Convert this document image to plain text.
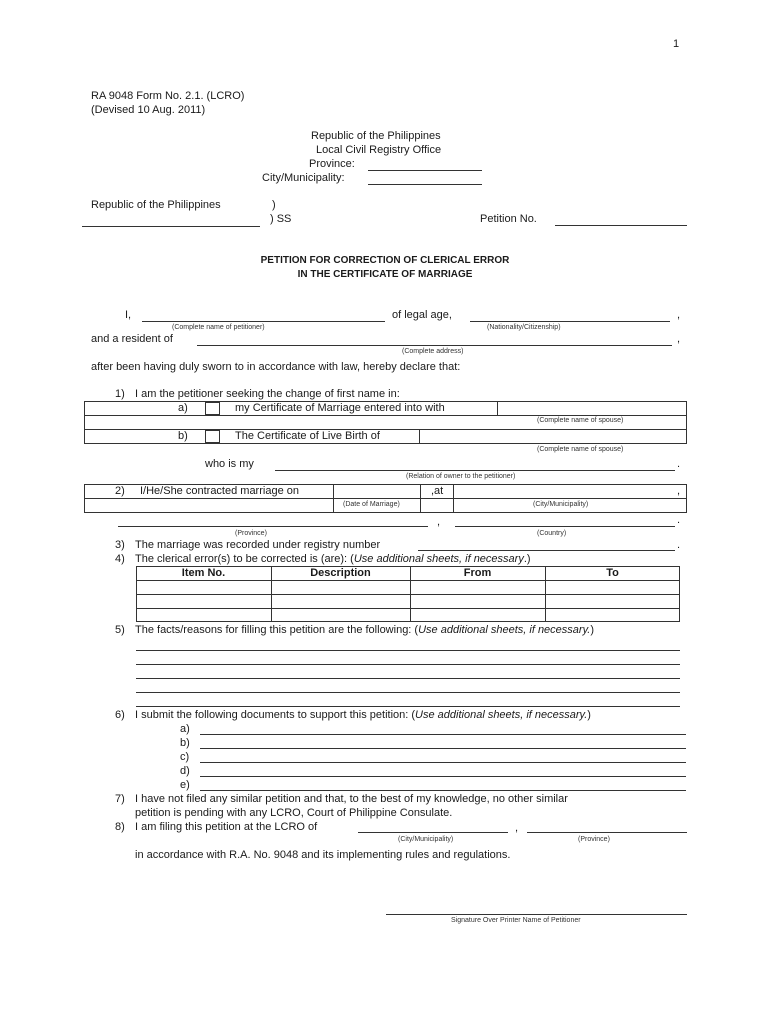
1
RA 9048 Form No. 2.1. (LCRO)
(Devised 10 Aug. 2011)
Republic of the Philippines
Local Civil Registry Office
Province:
City/Municipality:
Republic of the Philippines	)
) SS	Petition No.
PETITION FOR CORRECTION OF CLERICAL ERROR
IN THE CERTIFICATE OF MARRIAGE
I,	of legal age,	,
(Complete name of petitioner)	(Nationality/Citizenship)
and a resident of	,
(Complete address)
after been having duly sworn to in accordance with law, hereby declare that:
1) I am the petitioner seeking the change of first name in:
a)	my Certificate of Marriage entered into with
(Complete name of spouse)
b)	The Certificate of Live Birth of
(Complete name of spouse)
who is my	.
(Relation of owner to the petitioner)
2) I/He/She contracted marriage on	,at	,
(Date of Marriage)	(City/Municipality)
,	.
(Province)	(Country)
3) The marriage was recorded under registry number	.
4) The clerical error(s) to be corrected is (are): (Use additional sheets, if necessary.)
Item No.	Description	From	To
5) The facts/reasons for filling this petition are the following: (Use additional sheets, if necessary.)
6) I submit the following documents to support this petition: (Use additional sheets, if necessary.)
a)
b)
c)
d)
e)
7) I have not filed any similar petition and that, to the best of my knowledge, no other similar
petition is pending with any LCRO, Court of Philippine Consulate.
8) I am filing this petition at the LCRO of	,
(City/Municipality)	(Province)
in accordance with R.A. No. 9048 and its implementing rules and regulations.
Signature Over Printer Name of Petitioner
